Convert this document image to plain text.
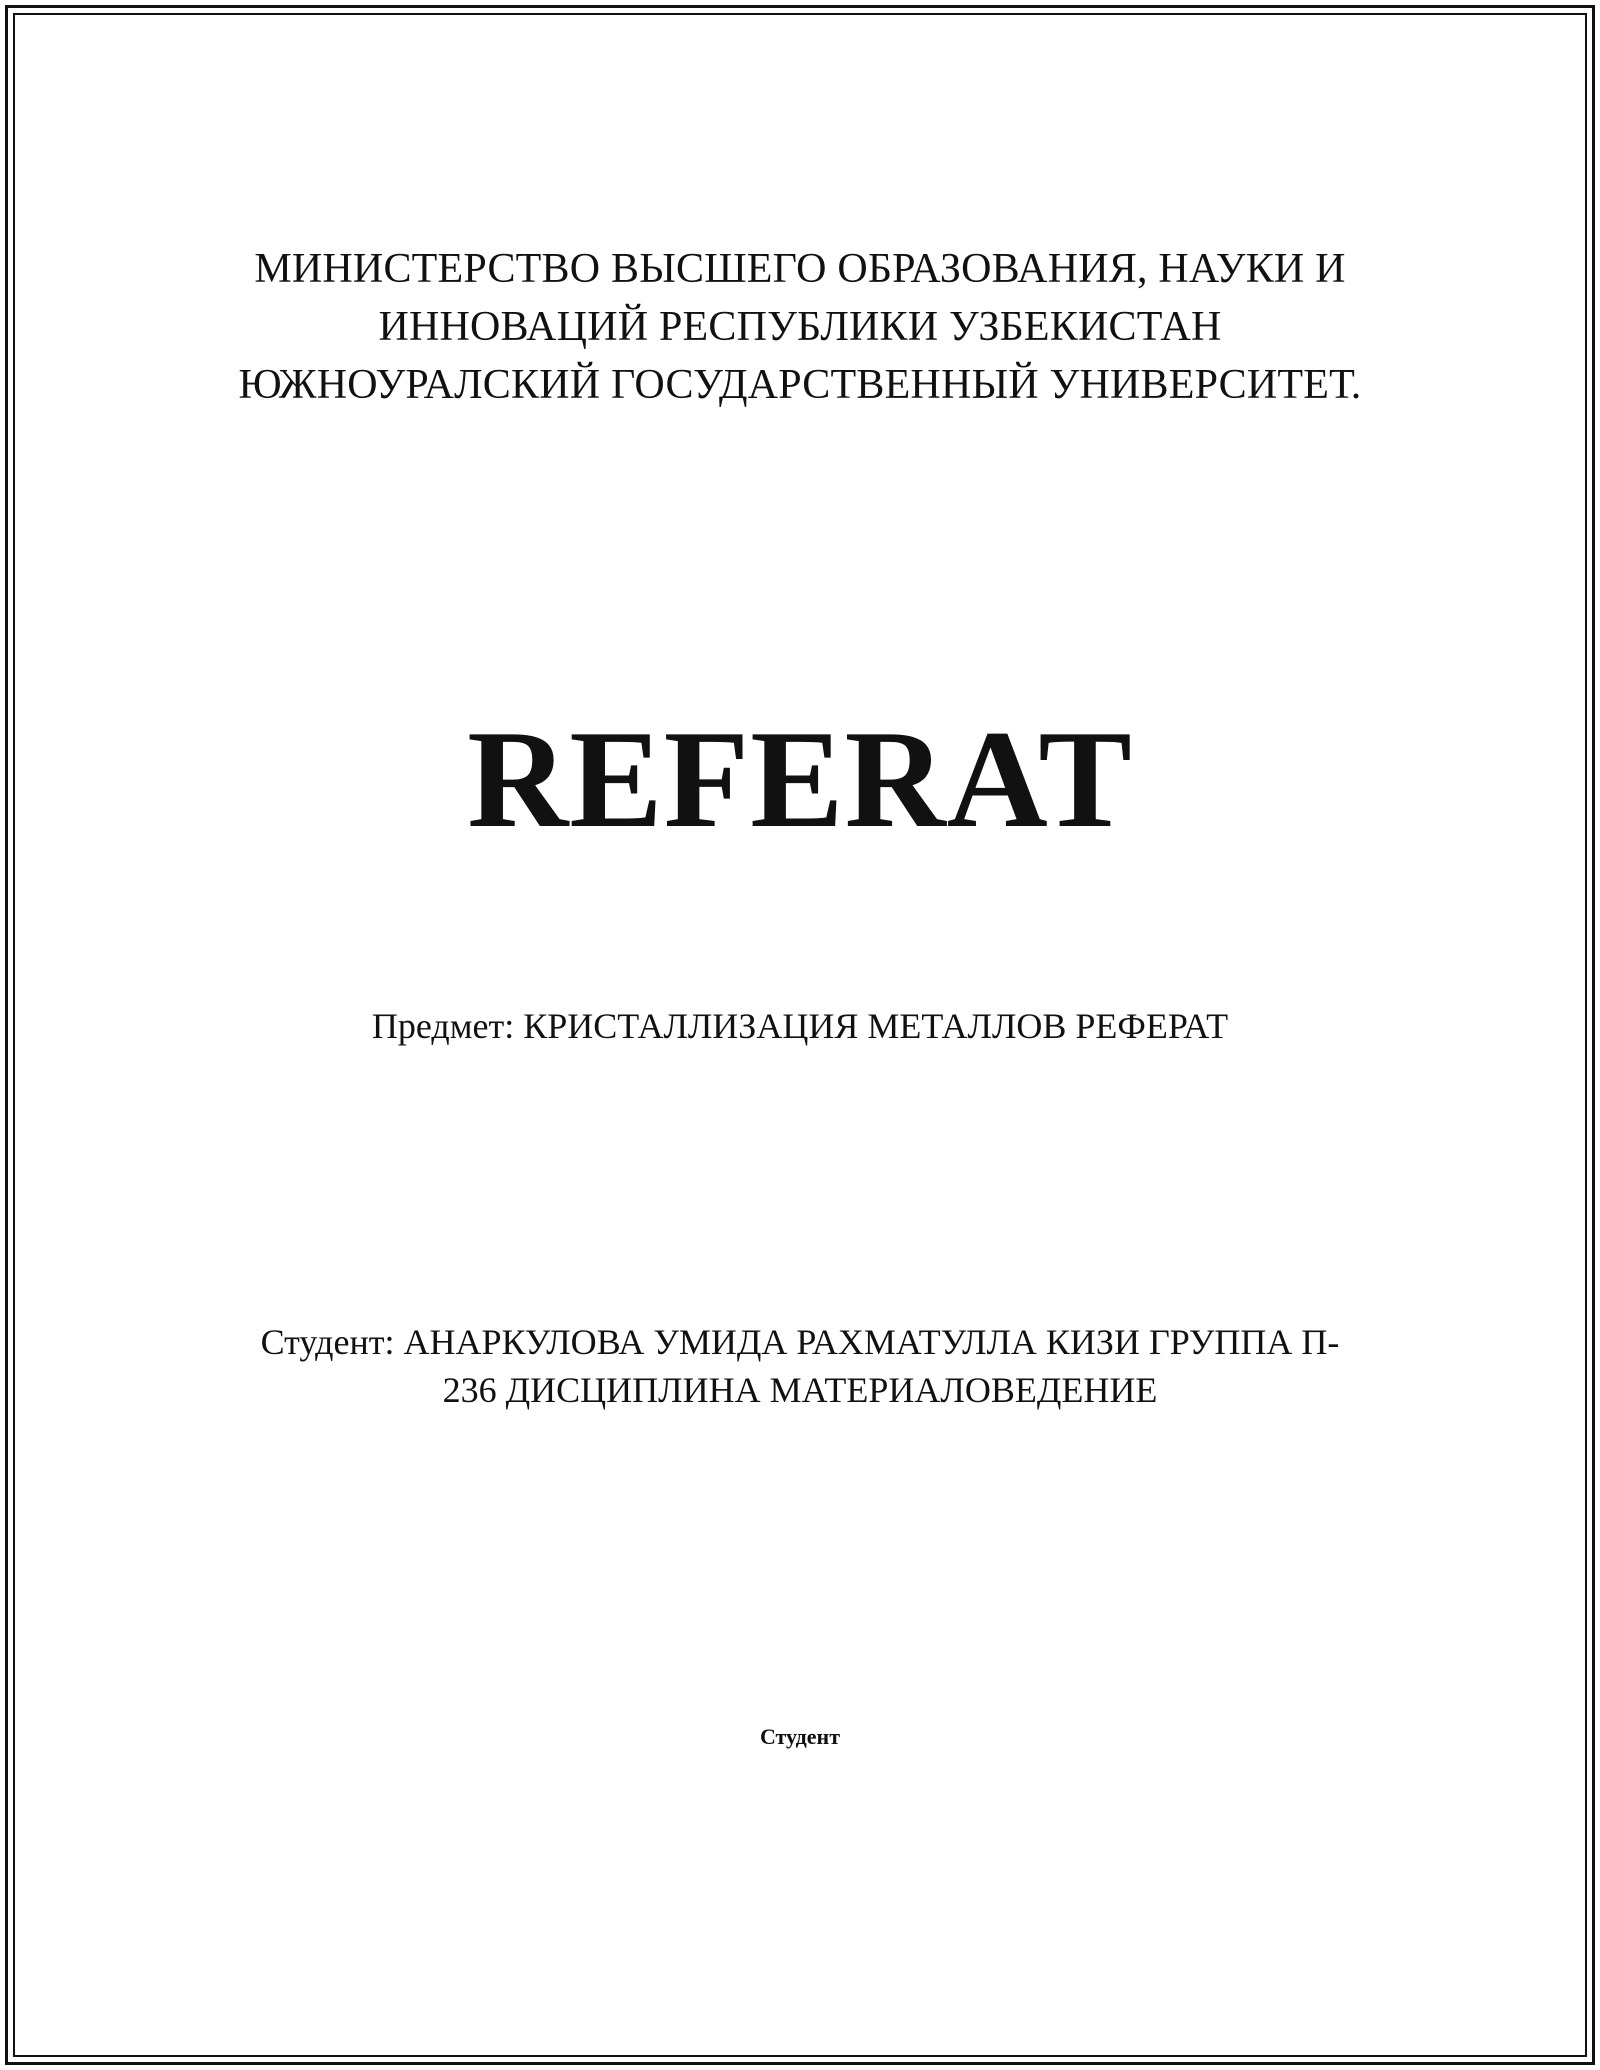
МИНИСТЕРСТВО ВЫСШЕГО ОБРАЗОВАНИЯ, НАУКИ И
ИННОВАЦИЙ РЕСПУБЛИКИ УЗБЕКИСТАН
ЮЖНОУРАЛСКИЙ ГОСУДАРСТВЕННЫЙ УНИВЕРСИТЕТ.
REFERAT
Предмет: КРИСТАЛЛИЗАЦИЯ МЕТАЛЛОВ РЕФЕРАТ
Студент: АНАРКУЛОВА УМИДА РАХМАТУЛЛА КИЗИ ГРУППА П-
236 ДИСЦИПЛИНА МАТЕРИАЛОВЕДЕНИЕ
Студент
